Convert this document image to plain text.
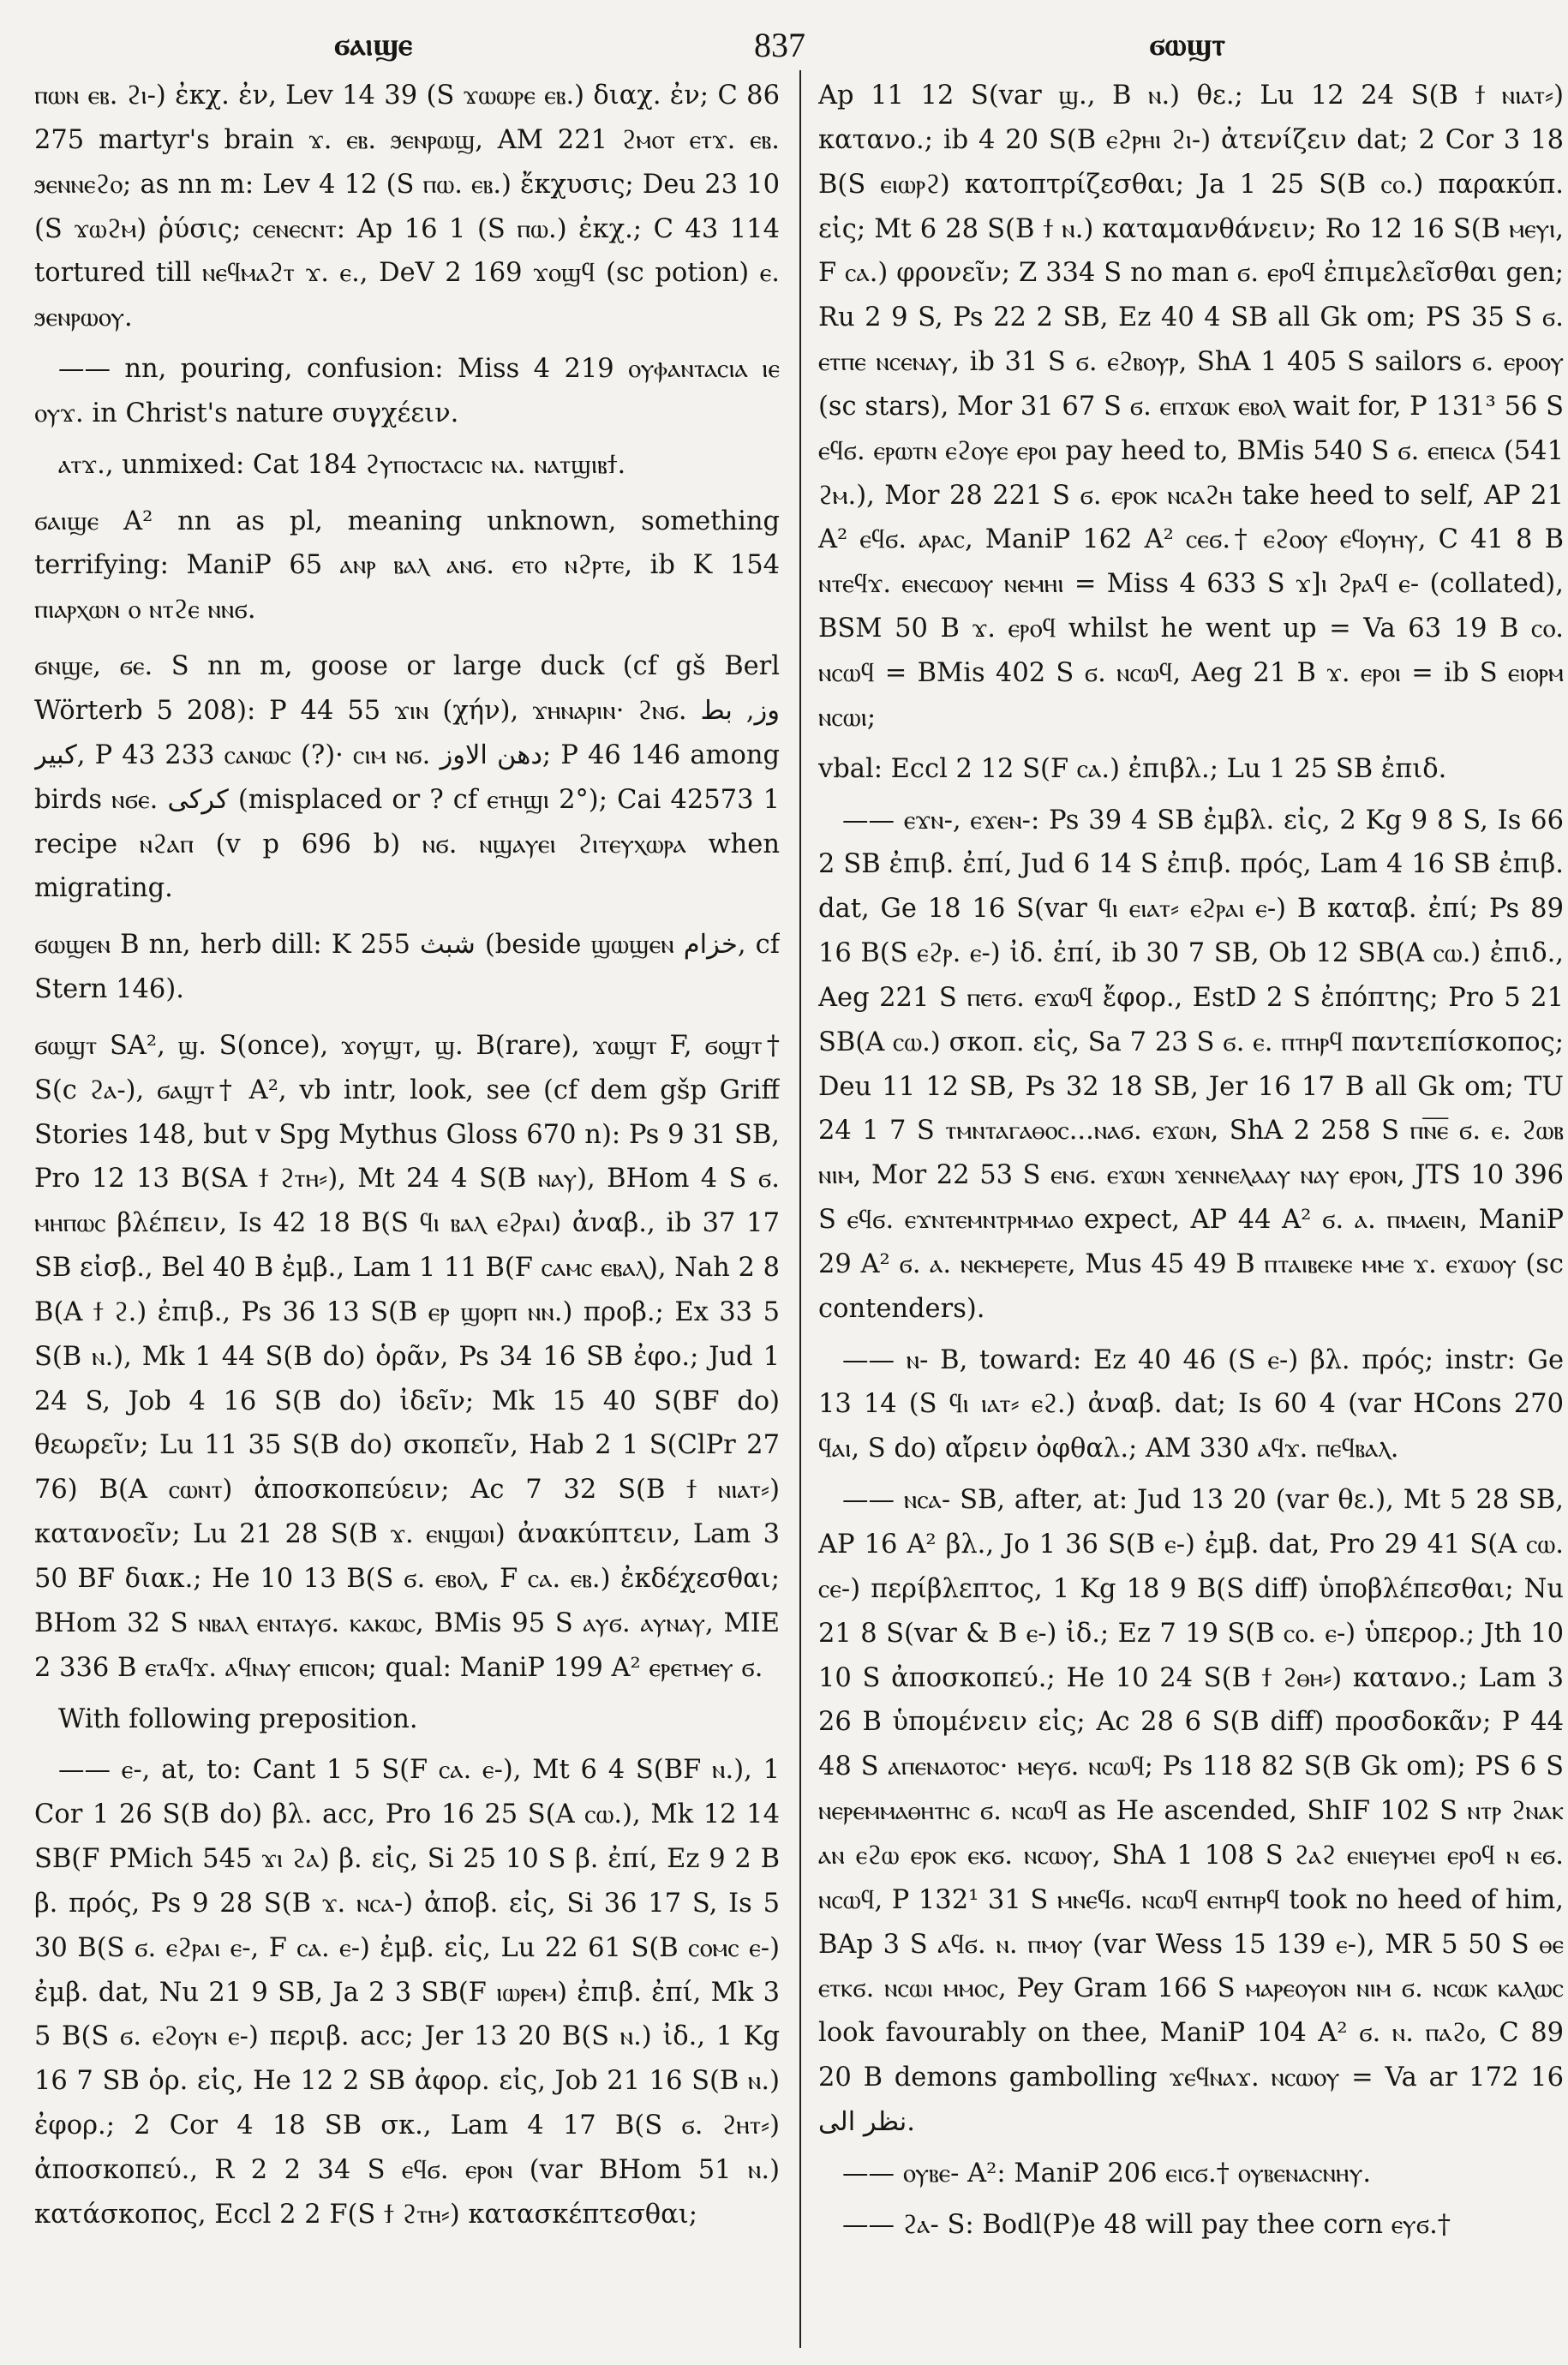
ϭⲁⲓϣⲉ	837	ϭⲱϣⲧ

ⲡⲱⲛ ⲉⲃ. ϩⲓ-) ἐκχ. ἐν, Lev 14 39 (S ϫⲱⲱⲣⲉ ⲉⲃ.) διαχ. ἐν; C 86 275 martyr's brain ϫ. ⲉⲃ. ϧⲉⲛⲣⲱϣ, AM 221 ϩⲙⲟⲧ ⲉⲧϫ. ⲉⲃ. ϧⲉⲛⲛⲉϩⲟ; as nn m: Lev 4 12 (S ⲡⲱ. ⲉⲃ.) ἔκχυσις; Deu 23 10 (S ϫⲱϩⲙ) ῥύσις; ⲥⲉⲛⲉⲥⲛⲧ: Ap 16 1 (S ⲡⲱ.) ἐκχ.; C 43 114 tortured till ⲛⲉϥⲙⲁϩⲧ ϫ. ⲉ., DeV 2 169 ϫⲟϣϥ (sc potion) ⲉ. ϧⲉⲛⲣⲱⲟⲩ.

—— nn, pouring, confusion: Miss 4 219 ⲟⲩⲫⲁⲛⲧⲁⲥⲓⲁ ⲓⲉ ⲟⲩϫ. in Christ's nature συγχέειν.

ⲁⲧϫ., unmixed: Cat 184 ϩⲩⲡⲟⲥⲧⲁⲥⲓⲥ ⲛⲁ. ⲛⲁⲧϣⲓⲃϯ.

ϭⲁⲓϣⲉ A² nn as pl, meaning unknown, something terrifying: ManiP 65 ⲁⲛⲣ ⲃⲁⲗ ⲁⲛϭ. ⲉⲧⲟ ⲛϩⲣⲧⲉ, ib K 154 ⲡⲓⲁⲣⲭⲱⲛ ⲟ ⲛⲧϩⲉ ⲛⲛϭ.

ϭⲛϣⲉ, ϭⲉ. S nn m, goose or large duck (cf gš Berl Wörterb 5 208): P 44 55 ϫⲓⲛ (χήν), ϫⲏⲛⲁⲣⲓⲛ· ϩⲛϭ. وز, بط كبير, P 43 233 ⲥⲁⲛⲱⲥ (?)· ⲥⲓⲙ ⲛϭ. دهن الاوز; P 46 146 among birds ⲛϭⲉ. كركى (misplaced or ? cf ⲉⲧⲏϣⲓ 2°); Cai 42573 1 recipe ⲛϩⲁⲡ (v p 696 b) ⲛϭ. ⲛϣⲁⲩⲉⲓ ϩⲓⲧⲉⲩⲭⲱⲣⲁ when migrating.

ϭⲱϣⲉⲛ B nn, herb dill: K 255 شبث (beside ϣⲱϣⲉⲛ خزام, cf Stern 146).

ϭⲱϣⲧ SA², ϣ. S(once), ϫⲟⲩϣⲧ, ϣ. B(rare), ϫⲱϣⲧ F, ϭⲟϣⲧ† S(c ϩⲁ-), ϭⲁϣⲧ† A², vb intr, look, see (cf dem gšp Griff Stories 148, but v Spg Mythus Gloss 670 n): Ps 9 31 SB, Pro 12 13 B(SA ϯ ϩⲧⲏ⸗), Mt 24 4 S(B ⲛⲁⲩ), BHom 4 S ϭ. ⲙⲏⲡⲱⲥ βλέπειν, Is 42 18 B(S ϥⲓ ⲃⲁⲗ ⲉϩⲣⲁⲓ) ἀναβ., ib 37 17 SB εἰσβ., Bel 40 B ἐμβ., Lam 1 11 B(F ⲥⲁⲙⲥ ⲉⲃⲁⲗ), Nah 2 8 B(A ϯ ϩ.) ἐπιβ., Ps 36 13 S(B ⲉⲣ ϣⲟⲣⲡ ⲛⲛ.) προβ.; Ex 33 5 S(B ⲛ.), Mk 1 44 S(B do) ὁρᾶν, Ps 34 16 SB ἐφο.; Jud 1 24 S, Job 4 16 S(B do) ἰδεῖν; Mk 15 40 S(BF do) θεωρεῖν; Lu 11 35 S(B do) σκοπεῖν, Hab 2 1 S(ClPr 27 76) B(A ⲥⲱⲛⲧ) ἀποσκοπεύειν; Ac 7 32 S(B ϯ ⲛⲓⲁⲧ⸗) κατανοεῖν; Lu 21 28 S(B ϫ. ⲉⲛϣⲱⲓ) ἀνακύπτειν, Lam 3 50 BF διακ.; He 10 13 B(S ϭ. ⲉⲃⲟⲗ, F ⲥⲁ. ⲉⲃ.) ἐκδέχεσθαι; BHom 32 S ⲛⲃⲁⲗ ⲉⲛⲧⲁⲩϭ. ⲕⲁⲕⲱⲥ, BMis 95 S ⲁⲩϭ. ⲁⲩⲛⲁⲩ, MIE 2 336 B ⲉⲧⲁϥϫ. ⲁϥⲛⲁⲩ ⲉⲡⲓⲥⲟⲛ; qual: ManiP 199 A² ⲉⲣⲉⲧⲙⲉⲩ ϭ.

With following preposition.

—— ⲉ-, at, to: Cant 1 5 S(F ⲥⲁ. ⲉ-), Mt 6 4 S(BF ⲛ.), 1 Cor 1 26 S(B do) βλ. acc, Pro 16 25 S(A ⲥⲱ.), Mk 12 14 SB(F PMich 545 ϫⲓ ϩⲁ) β. εἰς, Si 25 10 S β. ἐπί, Ez 9 2 B β. πρός, Ps 9 28 S(B ϫ. ⲛⲥⲁ-) ἀποβ. εἰς, Si 36 17 S, Is 5 30 B(S ϭ. ⲉϩⲣⲁⲓ ⲉ-, F ⲥⲁ. ⲉ-) ἐμβ. εἰς, Lu 22 61 S(B ⲥⲟⲙⲥ ⲉ-) ἐμβ. dat, Nu 21 9 SB, Ja 2 3 SB(F ⲓⲱⲣⲉⲙ) ἐπιβ. ἐπί, Mk 3 5 B(S ϭ. ⲉϩⲟⲩⲛ ⲉ-) περιβ. acc; Jer 13 20 B(S ⲛ.) ἰδ., 1 Kg 16 7 SB ὁρ. εἰς, He 12 2 SB ἀφορ. εἰς, Job 21 16 S(B ⲛ.) ἐφορ.; 2 Cor 4 18 SB σκ., Lam 4 17 B(S ϭ. ϩⲏⲧ⸗) ἀποσκοπεύ., R 2 2 34 S ⲉϥϭ. ⲉⲣⲟⲛ (var BHom 51 ⲛ.) κατάσκοπος, Eccl 2 2 F(S ϯ ϩⲧⲏ⸗) κατασκέπτεσθαι;

Ap 11 12 S(var ϣ., B ⲛ.) θε.; Lu 12 24 S(B ϯ ⲛⲓⲁⲧ⸗) κατανο.; ib 4 20 S(B ⲉϩⲣⲏⲓ ϩⲓ-) ἀτενίζειν dat; 2 Cor 3 18 B(S ⲉⲓⲱⲣϩ) κατοπτρίζεσθαι; Ja 1 25 S(B ⲥⲟ.) παρακύπ. εἰς; Mt 6 28 S(B ϯ ⲛ.) καταμανθάνειν; Ro 12 16 S(B ⲙⲉⲩⲓ, F ⲥⲁ.) φρονεῖν; Z 334 S no man ϭ. ⲉⲣⲟϥ ἐπιμελεῖσθαι gen; Ru 2 9 S, Ps 22 2 SB, Ez 40 4 SB all Gk om; PS 35 S ϭ. ⲉⲧⲡⲉ ⲛⲥⲉⲛⲁⲩ, ib 31 S ϭ. ⲉϩⲃⲟⲩⲣ, ShA 1 405 S sailors ϭ. ⲉⲣⲟⲟⲩ (sc stars), Mor 31 67 S ϭ. ⲉⲡϫⲱⲕ ⲉⲃⲟⲗ wait for, P 131³ 56 S ⲉϥϭ. ⲉⲣⲱⲧⲛ ⲉϩⲟⲩⲉ ⲉⲣⲟⲓ pay heed to, BMis 540 S ϭ. ⲉⲡⲉⲓⲥⲁ (541 ϩⲙ.), Mor 28 221 S ϭ. ⲉⲣⲟⲕ ⲛⲥⲁϩⲏ take heed to self, AP 21 A² ⲉϥϭ. ⲁⲣⲁⲥ, ManiP 162 A² ⲥⲉϭ.† ⲉϩⲟⲟⲩ ⲉϥⲟⲩⲏⲩ, C 41 8 B ⲛⲧⲉϥϫ. ⲉⲛⲉⲥⲱⲟⲩ ⲛⲉⲙⲏⲓ = Miss 4 633 S ϫ]ⲓ ϩⲣⲁϥ ⲉ- (collated), BSM 50 B ϫ. ⲉⲣⲟϥ whilst he went up = Va 63 19 B ⲥⲟ. ⲛⲥⲱϥ = BMis 402 S ϭ. ⲛⲥⲱϥ, Aeg 21 B ϫ. ⲉⲣⲟⲓ = ib S ⲉⲓⲟⲣⲙ ⲛⲥⲱⲓ;

vbal: Eccl 2 12 S(F ⲥⲁ.) ἐπιβλ.; Lu 1 25 SB ἐπιδ.

—— ⲉϫⲛ-, ⲉϫⲉⲛ-: Ps 39 4 SB ἐμβλ. εἰς, 2 Kg 9 8 S, Is 66 2 SB ἐπιβ. ἐπί, Jud 6 14 S ἐπιβ. πρός, Lam 4 16 SB ἐπιβ. dat, Ge 18 16 S(var ϥⲓ ⲉⲓⲁⲧ⸗ ⲉϩⲣⲁⲓ ⲉ-) B καταβ. ἐπί; Ps 89 16 B(S ⲉϩⲣ. ⲉ-) ἰδ. ἐπί, ib 30 7 SB, Ob 12 SB(A ⲥⲱ.) ἐπιδ., Aeg 221 S ⲡⲉⲧϭ. ⲉϫⲱϥ ἔφορ., EstD 2 S ἐπόπτης; Pro 5 21 SB(A ⲥⲱ.) σκοπ. εἰς, Sa 7 23 S ϭ. ⲉ. ⲡⲧⲏⲣϥ παντεπίσκοπος; Deu 11 12 SB, Ps 32 18 SB, Jer 16 17 B all Gk om; TU 24 1 7 S ⲧⲙⲛⲧⲁⲅⲁⲑⲟⲥ...ⲛⲁϭ. ⲉϫⲱⲛ, ShA 2 258 S ⲡⲛ̅ⲉ̅ ϭ. ⲉ. ϩⲱⲃ ⲛⲓⲙ, Mor 22 53 S ⲉⲛϭ. ⲉϫⲱⲛ ϫⲉⲛⲛⲉⲗⲁⲁⲩ ⲛⲁⲩ ⲉⲣⲟⲛ, JTS 10 396 S ⲉϥϭ. ⲉϫⲛⲧⲉⲙⲛⲧⲣⲙⲙⲁⲟ expect, AP 44 A² ϭ. ⲁ. ⲡⲙⲁⲉⲓⲛ, ManiP 29 A² ϭ. ⲁ. ⲛⲉⲕⲙⲉⲣⲉⲧⲉ, Mus 45 49 B ⲡⲧⲁⲓⲃⲉⲕⲉ ⲙⲙⲉ ϫ. ⲉϫⲱⲟⲩ (sc contenders).

—— ⲛ- B, toward: Ez 40 46 (S ⲉ-) βλ. πρός; instr: Ge 13 14 (S ϥⲓ ⲓⲁⲧ⸗ ⲉϩ.) ἀναβ. dat; Is 60 4 (var HCons 270 ϥⲁⲓ, S do) αἴρειν ὀφθαλ.; AM 330 ⲁϥϫ. ⲡⲉϥⲃⲁⲗ.

—— ⲛⲥⲁ- SB, after, at: Jud 13 20 (var θε.), Mt 5 28 SB, AP 16 A² βλ., Jo 1 36 S(B ⲉ-) ἐμβ. dat, Pro 29 41 S(A ⲥⲱ. ⲥⲉ-) περίβλεπτος, 1 Kg 18 9 B(S diff) ὑποβλέπεσθαι; Nu 21 8 S(var & B ⲉ-) ἰδ.; Ez 7 19 S(B ⲥⲟ. ⲉ-) ὑπερορ.; Jth 10 10 S ἀποσκοπεύ.; He 10 24 S(B ϯ ϩⲑⲏ⸗) κατανο.; Lam 3 26 B ὑπομένειν εἰς; Ac 28 6 S(B diff) προσδοκᾶν; P 44 48 S ⲁⲡⲉⲛⲁⲟⲧⲟⲥ· ⲙⲉⲩϭ. ⲛⲥⲱϥ; Ps 118 82 S(B Gk om); PS 6 S ⲛⲉⲣⲉⲙⲙⲁⲑⲏⲧⲏⲥ ϭ. ⲛⲥⲱϥ as He ascended, ShIF 102 S ⲛⲧⲣ ϩⲛⲁⲕ ⲁⲛ ⲉϩⲱ ⲉⲣⲟⲕ ⲉⲕϭ. ⲛⲥⲱⲟⲩ, ShA 1 108 S ϩⲁϩ ⲉⲛⲓⲉⲩⲙⲉⲓ ⲉⲣⲟϥ ⲛ ⲉϭ. ⲛⲥⲱϥ, P 132¹ 31 S ⲙⲛⲉϥϭ. ⲛⲥⲱϥ ⲉⲛⲧⲏⲣϥ took no heed of him, BAp 3 S ⲁϥϭ. ⲛ. ⲡⲙⲟⲩ (var Wess 15 139 ⲉ-), MR 5 50 S ⲑⲉ ⲉⲧⲕϭ. ⲛⲥⲱⲓ ⲙⲙⲟⲥ, Pey Gram 166 S ⲙⲁⲣⲉⲟⲩⲟⲛ ⲛⲓⲙ ϭ. ⲛⲥⲱⲕ ⲕⲁⲗⲱⲥ look favourably on thee, ManiP 104 A² ϭ. ⲛ. ⲡⲁϩⲟ, C 89 20 B demons gambolling ϫⲉϥⲛⲁϫ. ⲛⲥⲱⲟⲩ = Va ar 172 16 نظر الى.

—— ⲟⲩⲃⲉ- A²: ManiP 206 ⲉⲓⲥϭ.† ⲟⲩⲃⲉⲛⲁⲥⲛⲏⲩ.

—— ϩⲁ- S: Bodl(P)e 48 will pay thee corn ⲉⲩϭ.†
